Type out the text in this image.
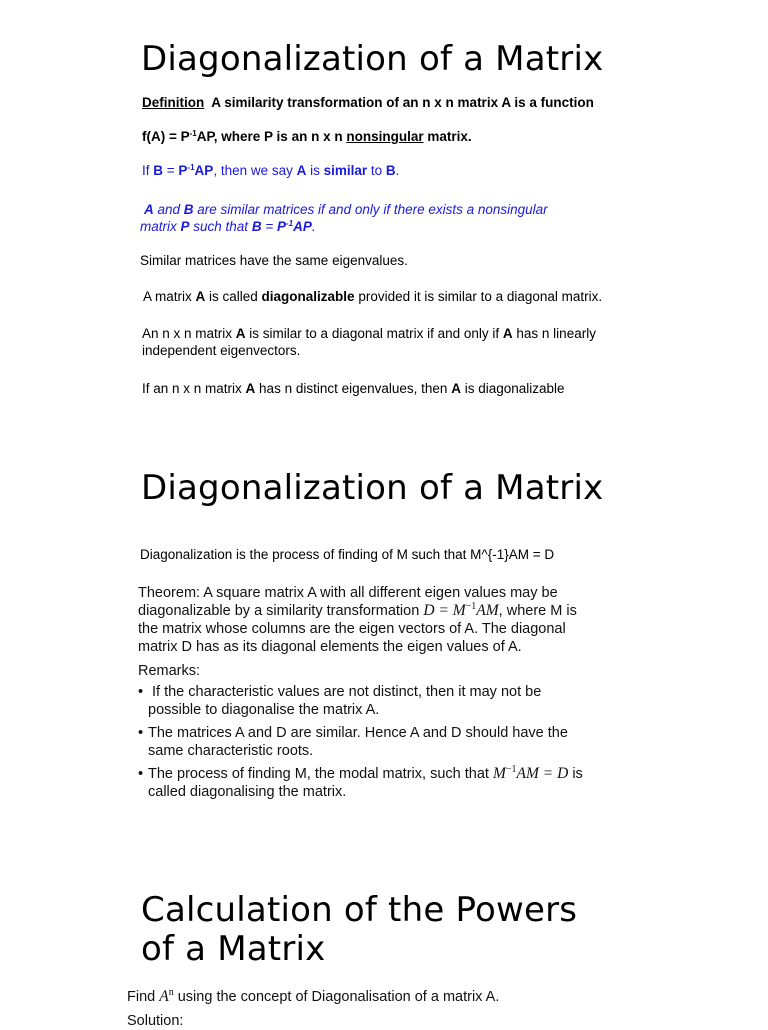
Diagonalization of a Matrix
Definition A similarity transformation of an n x n matrix A is a function
$f(A) = P^{-1}AP$, where P is an n x n nonsingular matrix.
If $B = P^{-1}AP$, then we say A is similar to B.
A and B are similar matrices if and only if there exists a nonsingular
matrix P such that $B = P^{-1}AP$.
Similar matrices have the same eigenvalues.
A matrix A is called diagonalizable provided it is similar to a diagonal matrix.
An n x n matrix A is similar to a diagonal matrix if and only if A has n linearly
independent eigenvectors.
If an n x n matrix A has n distinct eigenvalues, then A is diagonalizable
Diagonalization of a Matrix
Diagonalization is the process of finding of M such that M^{-1}AM = D
Theorem: A square matrix A with all different eigen values may be
diagonalizable by a similarity transformation $D = M^{-1}AM$, where M is
the matrix whose columns are the eigen vectors of A. The diagonal
matrix D has as its diagonal elements the eigen values of A.
Remarks:
• If the characteristic values are not distinct, then it may not be
possible to diagonalise the matrix A.
• The matrices A and D are similar. Hence A and D should have the
same characteristic roots.
• The process of finding M, the modal matrix, such that $M^{-1}AM = D$ is
called diagonalising the matrix.
Calculation of the Powers
of a Matrix
Find $A^n$ using the concept of Diagonalisation of a matrix A.
Solution:
